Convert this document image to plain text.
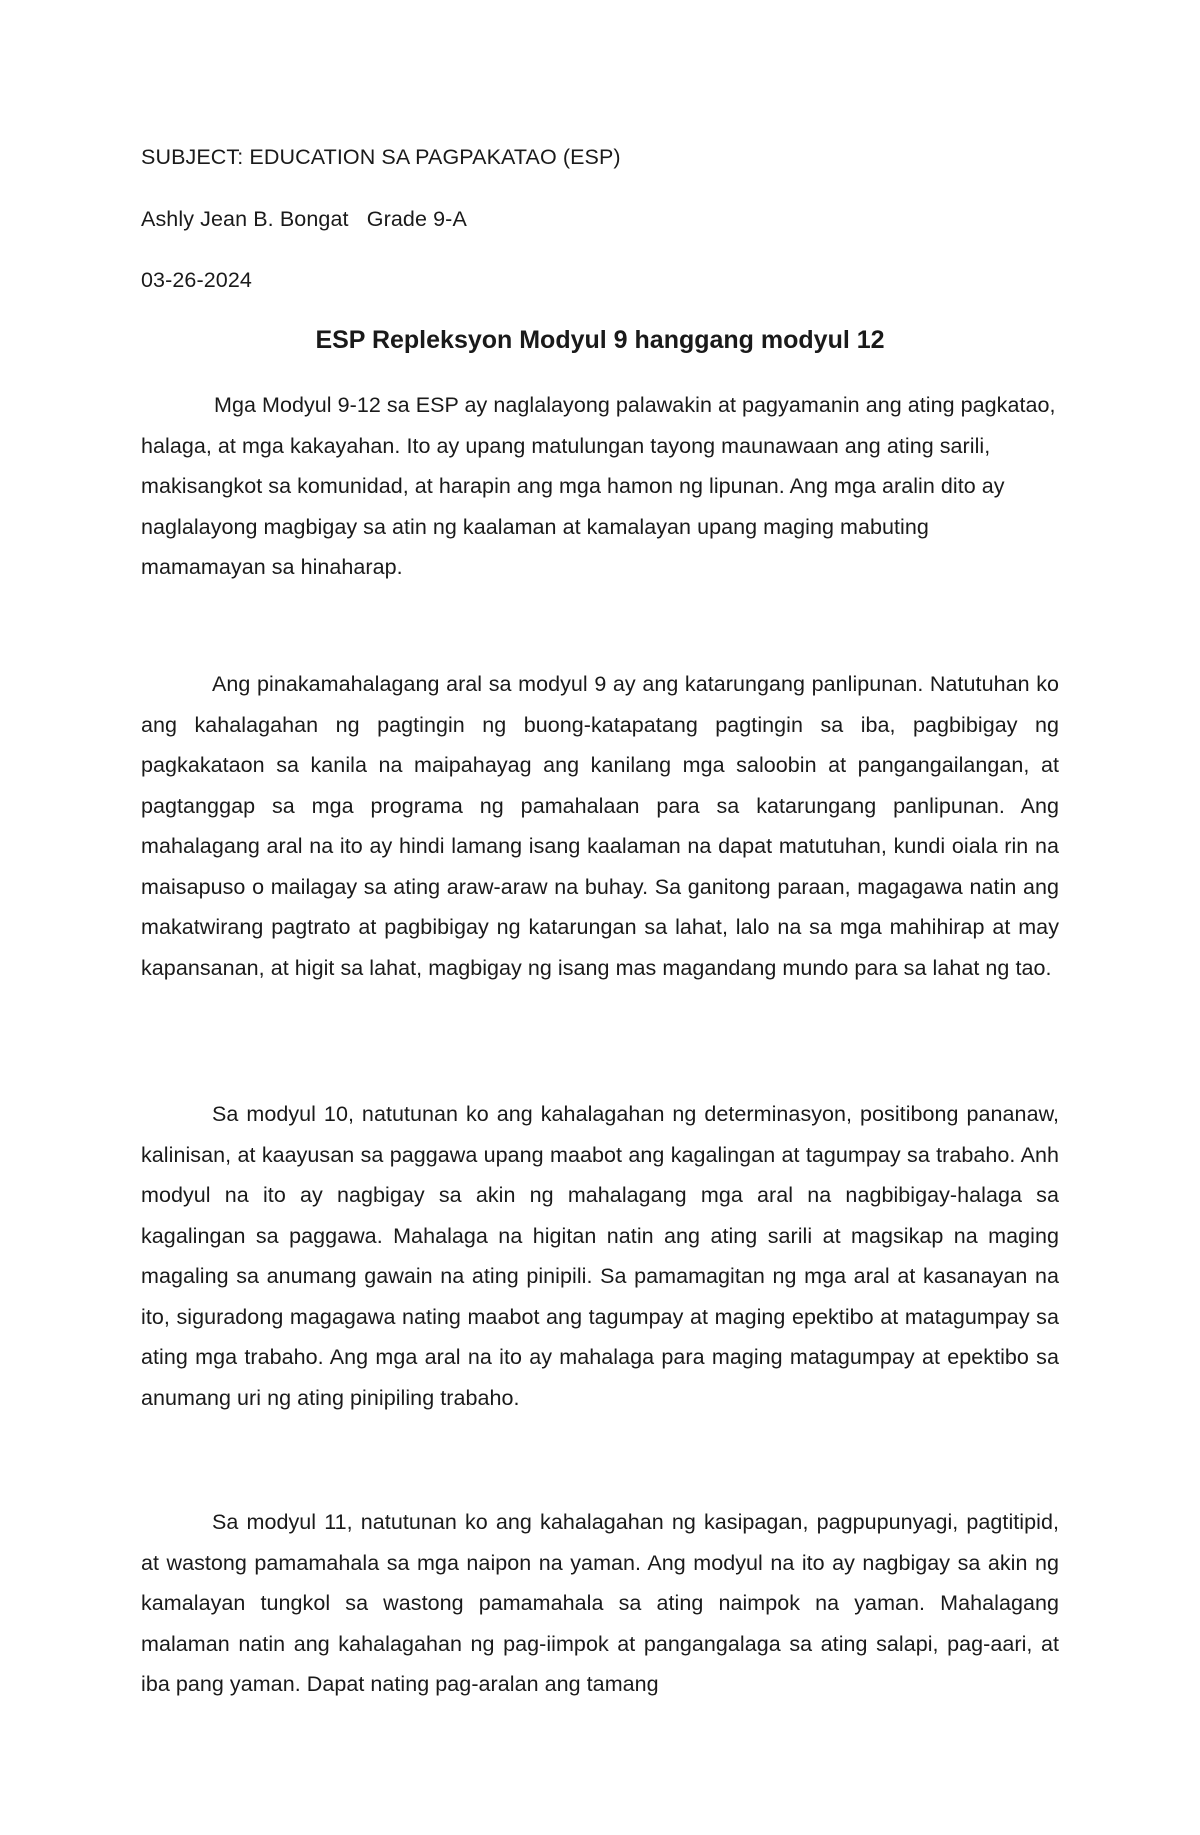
SUBJECT: EDUCATION SA PAGPAKATAO (ESP)

Ashly Jean B. Bongat   Grade 9-A

03-26-2024

ESP Repleksyon Modyul 9 hanggang modyul 12

Mga Modyul 9-12 sa ESP ay naglalayong palawakin at pagyamanin ang ating pagkatao, halaga, at mga kakayahan. Ito ay upang matulungan tayong maunawaan ang ating sarili, makisangkot sa komunidad, at harapin ang mga hamon ng lipunan. Ang mga aralin dito ay naglalayong magbigay sa atin ng kaalaman at kamalayan upang maging mabuting mamamayan sa hinaharap.

Ang pinakamahalagang aral sa modyul 9 ay ang katarungang panlipunan. Natutuhan ko ang kahalagahan ng pagtingin ng buong-katapatang pagtingin sa iba, pagbibigay ng pagkakataon sa kanila na maipahayag ang kanilang mga saloobin at pangangailangan, at pagtanggap sa mga programa ng pamahalaan para sa katarungang panlipunan. Ang mahalagang aral na ito ay hindi lamang isang kaalaman na dapat matutuhan, kundi oiala rin na maisapuso o mailagay sa ating araw-araw na buhay. Sa ganitong paraan, magagawa natin ang makatwirang pagtrato at pagbibigay ng katarungan sa lahat, lalo na sa mga mahihirap at may kapansanan, at higit sa lahat, magbigay ng isang mas magandang mundo para sa lahat ng tao.

Sa modyul 10, natutunan ko ang kahalagahan ng determinasyon, positibong pananaw, kalinisan, at kaayusan sa paggawa upang maabot ang kagalingan at tagumpay sa trabaho. Anh modyul na ito ay nagbigay sa akin ng mahalagang mga aral na nagbibigay-halaga sa kagalingan sa paggawa. Mahalaga na higitan natin ang ating sarili at magsikap na maging magaling sa anumang gawain na ating pinipili. Sa pamamagitan ng mga aral at kasanayan na ito, siguradong magagawa nating maabot ang tagumpay at maging epektibo at matagumpay sa ating mga trabaho. Ang mga aral na ito ay mahalaga para maging matagumpay at epektibo sa anumang uri ng ating pinipiling trabaho.

Sa modyul 11, natutunan ko ang kahalagahan ng kasipagan, pagpupunyagi, pagtitipid, at wastong pamamahala sa mga naipon na yaman. Ang modyul na ito ay nagbigay sa akin ng kamalayan tungkol sa wastong pamamahala sa ating naimpok na yaman. Mahalagang malaman natin ang kahalagahan ng pag-iimpok at pangangalaga sa ating salapi, pag-aari, at iba pang yaman. Dapat nating pag-aralan ang tamang
